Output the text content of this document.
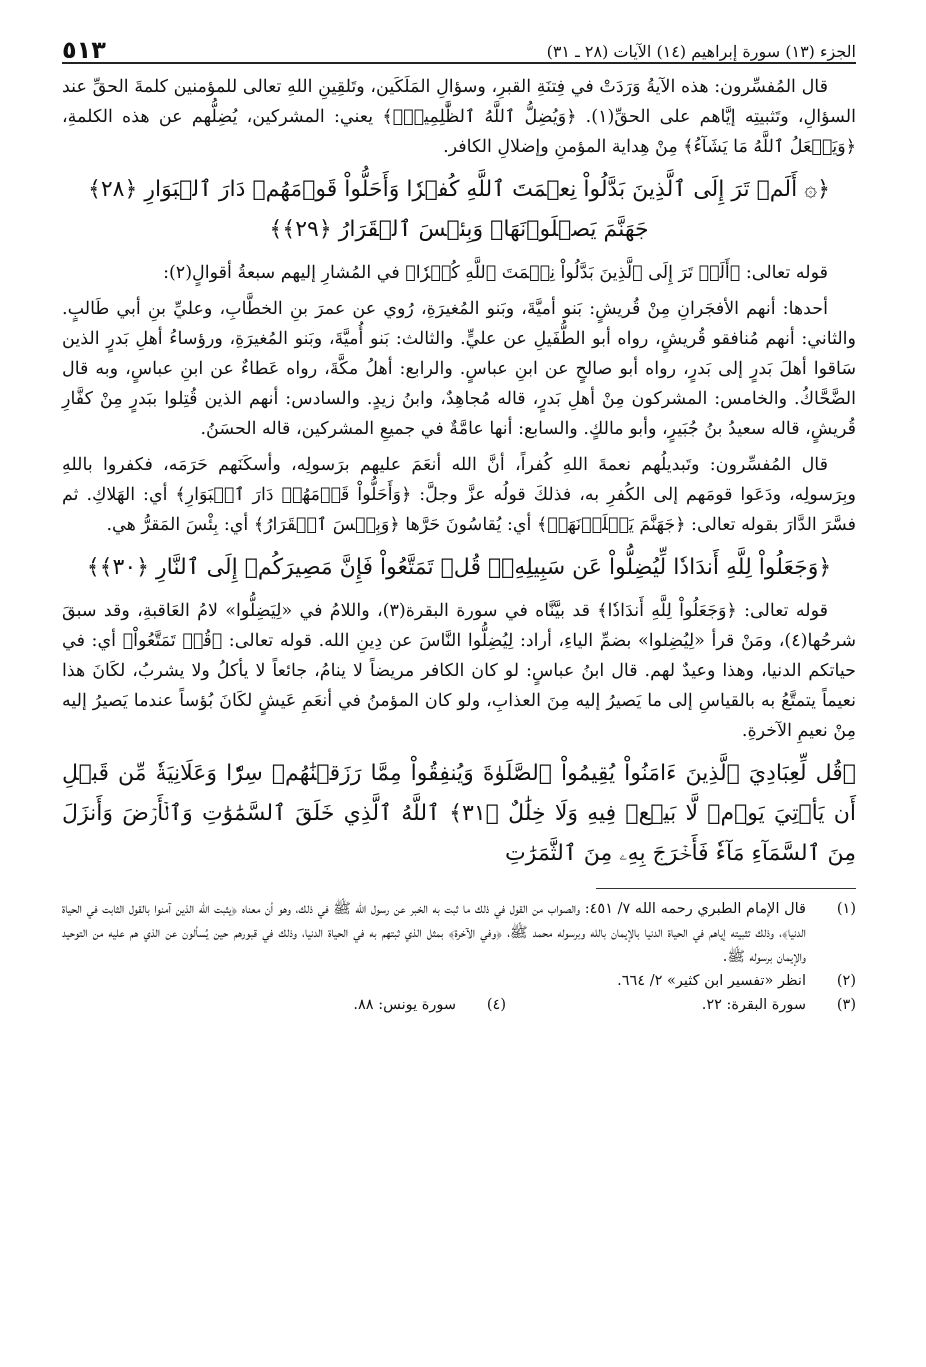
الجزء (١٣) سورة إبراهيم (١٤) الآيات (٢٨ ـ ٣١)
٥١٣

قال المُفسِّرون: هذه الآيةُ وَرَدَتْ في فِتنَةِ القبرِ، وسؤالِ المَلَكَين، وتَلقِينِ اللهِ تعالى للمؤمنين كلمةَ الحقِّ عند السؤالِ، وتَثبيتِه إيَّاهم على الحقِّ(١). ﴿وَيُضِلُّ ٱللَّهُ ٱلظَّٰلِمِينَۚ﴾ يعني: المشركين، يُضِلُّهم عن هذه الكلمةِ، ﴿وَيَفۡعَلُ ٱللَّهُ مَا يَشَآءُ﴾ مِنْ هِداية المؤمنِ وإضلالِ الكافر.

﴿۞ أَلَمۡ تَرَ إِلَى ٱلَّذِينَ بَدَّلُواْ نِعۡمَتَ ٱللَّهِ كُفۡرٗا وَأَحَلُّواْ قَوۡمَهُمۡ دَارَ ٱلۡبَوَارِ ﴿٢٨﴾ جَهَنَّمَ يَصۡلَوۡنَهَاۖ وَبِئۡسَ ٱلۡقَرَارُ ﴿٢٩﴾﴾

قوله تعالى: ﴿أَلَمۡ تَرَ إِلَى ٱلَّذِينَ بَدَّلُواْ نِعۡمَتَ ٱللَّهِ كُفۡرٗا﴾ في المُشارِ إليهم سبعةُ أقوالٍ(٢):

أحدها: أنهم الأفجَرانِ مِنْ قُريشٍ: بَنو أميَّةَ، وبَنو المُغيرَةِ، رُوي عن عمرَ بنِ الخطَّابِ، وعليِّ بنِ أبي طَالبٍ. والثاني: أنهم مُنافقو قُريشٍ، رواه أبو الطُّفَيلِ عن عليٍّ. والثالث: بَنو أُميَّةَ، وبَنو المُغيرَةِ، ورؤساءُ أهلِ بَدرٍ الذين سَاقوا أهلَ بَدرٍ إلى بَدرٍ، رواه أبو صالحٍ عن ابنِ عباسٍ. والرابع: أهلُ مكَّةَ، رواه عَطاءٌ عن ابنِ عباسٍ، وبه قال الضَّحَّاكُ. والخامس: المشركون مِنْ أهلِ بَدرٍ، قاله مُجاهِدٌ، وابنُ زيدٍ. والسادس: أنهم الذين قُتِلوا ببَدرٍ مِنْ كفَّارِ قُريشٍ، قاله سعيدُ بنُ جُبَيرٍ، وأبو مالكٍ. والسابع: أنها عامَّةٌ في جميعِ المشركين، قاله الحسَنُ.

قال المُفسِّرون: وتَبديلُهم نعمةَ اللهِ كُفراً، أنَّ الله أنعَمَ عليهم برَسولِه، وأسكَنَهم حَرَمَه، فكفروا باللهِ وبِرَسولِه، ودَعَوا قومَهم إلى الكُفرِ به، فذلكَ قولُه عزَّ وجلَّ: ﴿وَأَحَلُّواْ قَوۡمَهُمۡ دَارَ ٱلۡبَوَارِ﴾ أي: الهَلاكِ. ثم فسَّرَ الدَّارَ بقوله تعالى: ﴿جَهَنَّمَ يَصۡلَوۡنَهَاۖ﴾ أي: يُقاسُونَ حَرَّها ﴿وَبِئۡسَ ٱلۡقَرَارُ﴾ أي: بِئْسَ المَقرُّ هي.

﴿وَجَعَلُواْ لِلَّهِ أَندَادٗا لِّيُضِلُّواْ عَن سَبِيلِهِۦۗ قُلۡ تَمَتَّعُواْ فَإِنَّ مَصِيرَكُمۡ إِلَى ٱلنَّارِ ﴿٣٠﴾﴾

قوله تعالى: ﴿وَجَعَلُواْ لِلَّهِ أَندَادٗا﴾ قد بيَّنَّاه في سورة البقرة(٣)، واللامُ في «لِيَضِلُّوا» لامُ العَاقبةِ، وقد سبقَ شرحُها(٤)، ومَنْ قرأ «لِيُضِلوا» بضمِّ الياءِ، أراد: لِيُضِلُّوا النَّاسَ عن دِينِ الله. قوله تعالى: ﴿قُلۡ تَمَتَّعُواْ﴾ أي: في حياتكم الدنيا، وهذا وعيدٌ لهم. قال ابنُ عباسٍ: لو كان الكافر مريضاً لا ينامُ، جائعاً لا يأكلُ ولا يشربُ، لكَانَ هذا نعيماً يتمتَّعُ به بالقياسِ إلى ما يَصيرُ إليه مِنَ العذابِ، ولو كان المؤمنُ في أنعَمِ عَيشٍ لكَانَ بُؤساً عندما يَصيرُ إليه مِنْ نعيمِ الآخرةِ.

﴿قُل لِّعِبَادِيَ ٱلَّذِينَ ءَامَنُواْ يُقِيمُواْ ٱلصَّلَوٰةَ وَيُنفِقُواْ مِمَّا رَزَقۡنَٰهُمۡ سِرّٗا وَعَلَانِيَةٗ مِّن قَبۡلِ أَن يَأۡتِيَ يَوۡمٞ لَّا بَيۡعٞ فِيهِ وَلَا خِلَٰلٌ ﴿٣١﴾ ٱللَّهُ ٱلَّذِي خَلَقَ ٱلسَّمَٰوَٰتِ وَٱلۡأَرۡضَ وَأَنزَلَ مِنَ ٱلسَّمَآءِ مَآءٗ فَأَخۡرَجَ بِهِۦ مِنَ ٱلثَّمَرَٰتِ

(١)
قال الإمام الطبري رحمه الله ٧/ ٤٥١: والصواب من القول في ذلك ما ثبت به الخبر عن رسول الله ﷺ في ذلك، وهو أن معناه ﴿يثبت الله الذين آمنوا بالقول الثابت في الحياة الدنيا﴾، وذلك تثبيته إياهم في الحياة الدنيا بالإيمان بالله وبرسوله محمد ﷺ، ﴿وفي الآخرة﴾ بمثل الذي ثبتهم به في الحياة الدنيا، وذلك في قبورهم حين يُسألون عن الذي هم عليه من التوحيد والإيمان برسوله ﷺ.
(٢)
انظر «تفسير ابن كثير» ٢/ ٦٦٤.
(٣)
سورة البقرة: ٢٢.
(٤)
سورة يونس: ٨٨.
